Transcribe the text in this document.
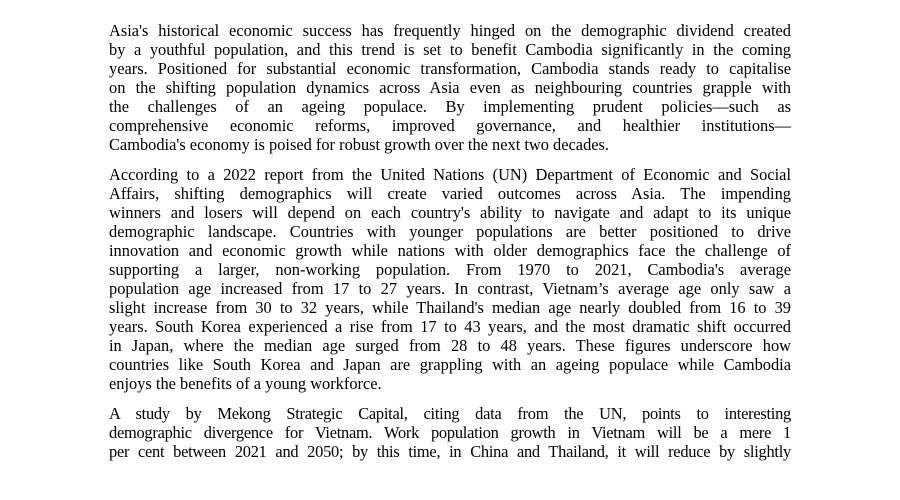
Asia's historical economic success has frequently hinged on the demographic dividend created
by a youthful population, and this trend is set to benefit Cambodia significantly in the coming
years. Positioned for substantial economic transformation, Cambodia stands ready to capitalise
on the shifting population dynamics across Asia even as neighbouring countries grapple with
the challenges of an ageing populace. By implementing prudent policies—such as
comprehensive economic reforms, improved governance, and healthier institutions—
Cambodia's economy is poised for robust growth over the next two decades.
According to a 2022 report from the United Nations (UN) Department of Economic and Social
Affairs, shifting demographics will create varied outcomes across Asia. The impending
winners and losers will depend on each country's ability to navigate and adapt to its unique
demographic landscape. Countries with younger populations are better positioned to drive
innovation and economic growth while nations with older demographics face the challenge of
supporting a larger, non-working population. From 1970 to 2021, Cambodia's average
population age increased from 17 to 27 years. In contrast, Vietnam’s average age only saw a
slight increase from 30 to 32 years, while Thailand's median age nearly doubled from 16 to 39
years. South Korea experienced a rise from 17 to 43 years, and the most dramatic shift occurred
in Japan, where the median age surged from 28 to 48 years. These figures underscore how
countries like South Korea and Japan are grappling with an ageing populace while Cambodia
enjoys the benefits of a young workforce.
A study by Mekong Strategic Capital, citing data from the UN, points to interesting
demographic divergence for Vietnam. Work population growth in Vietnam will be a mere 1
per cent between 2021 and 2050; by this time, in China and Thailand, it will reduce by slightly
